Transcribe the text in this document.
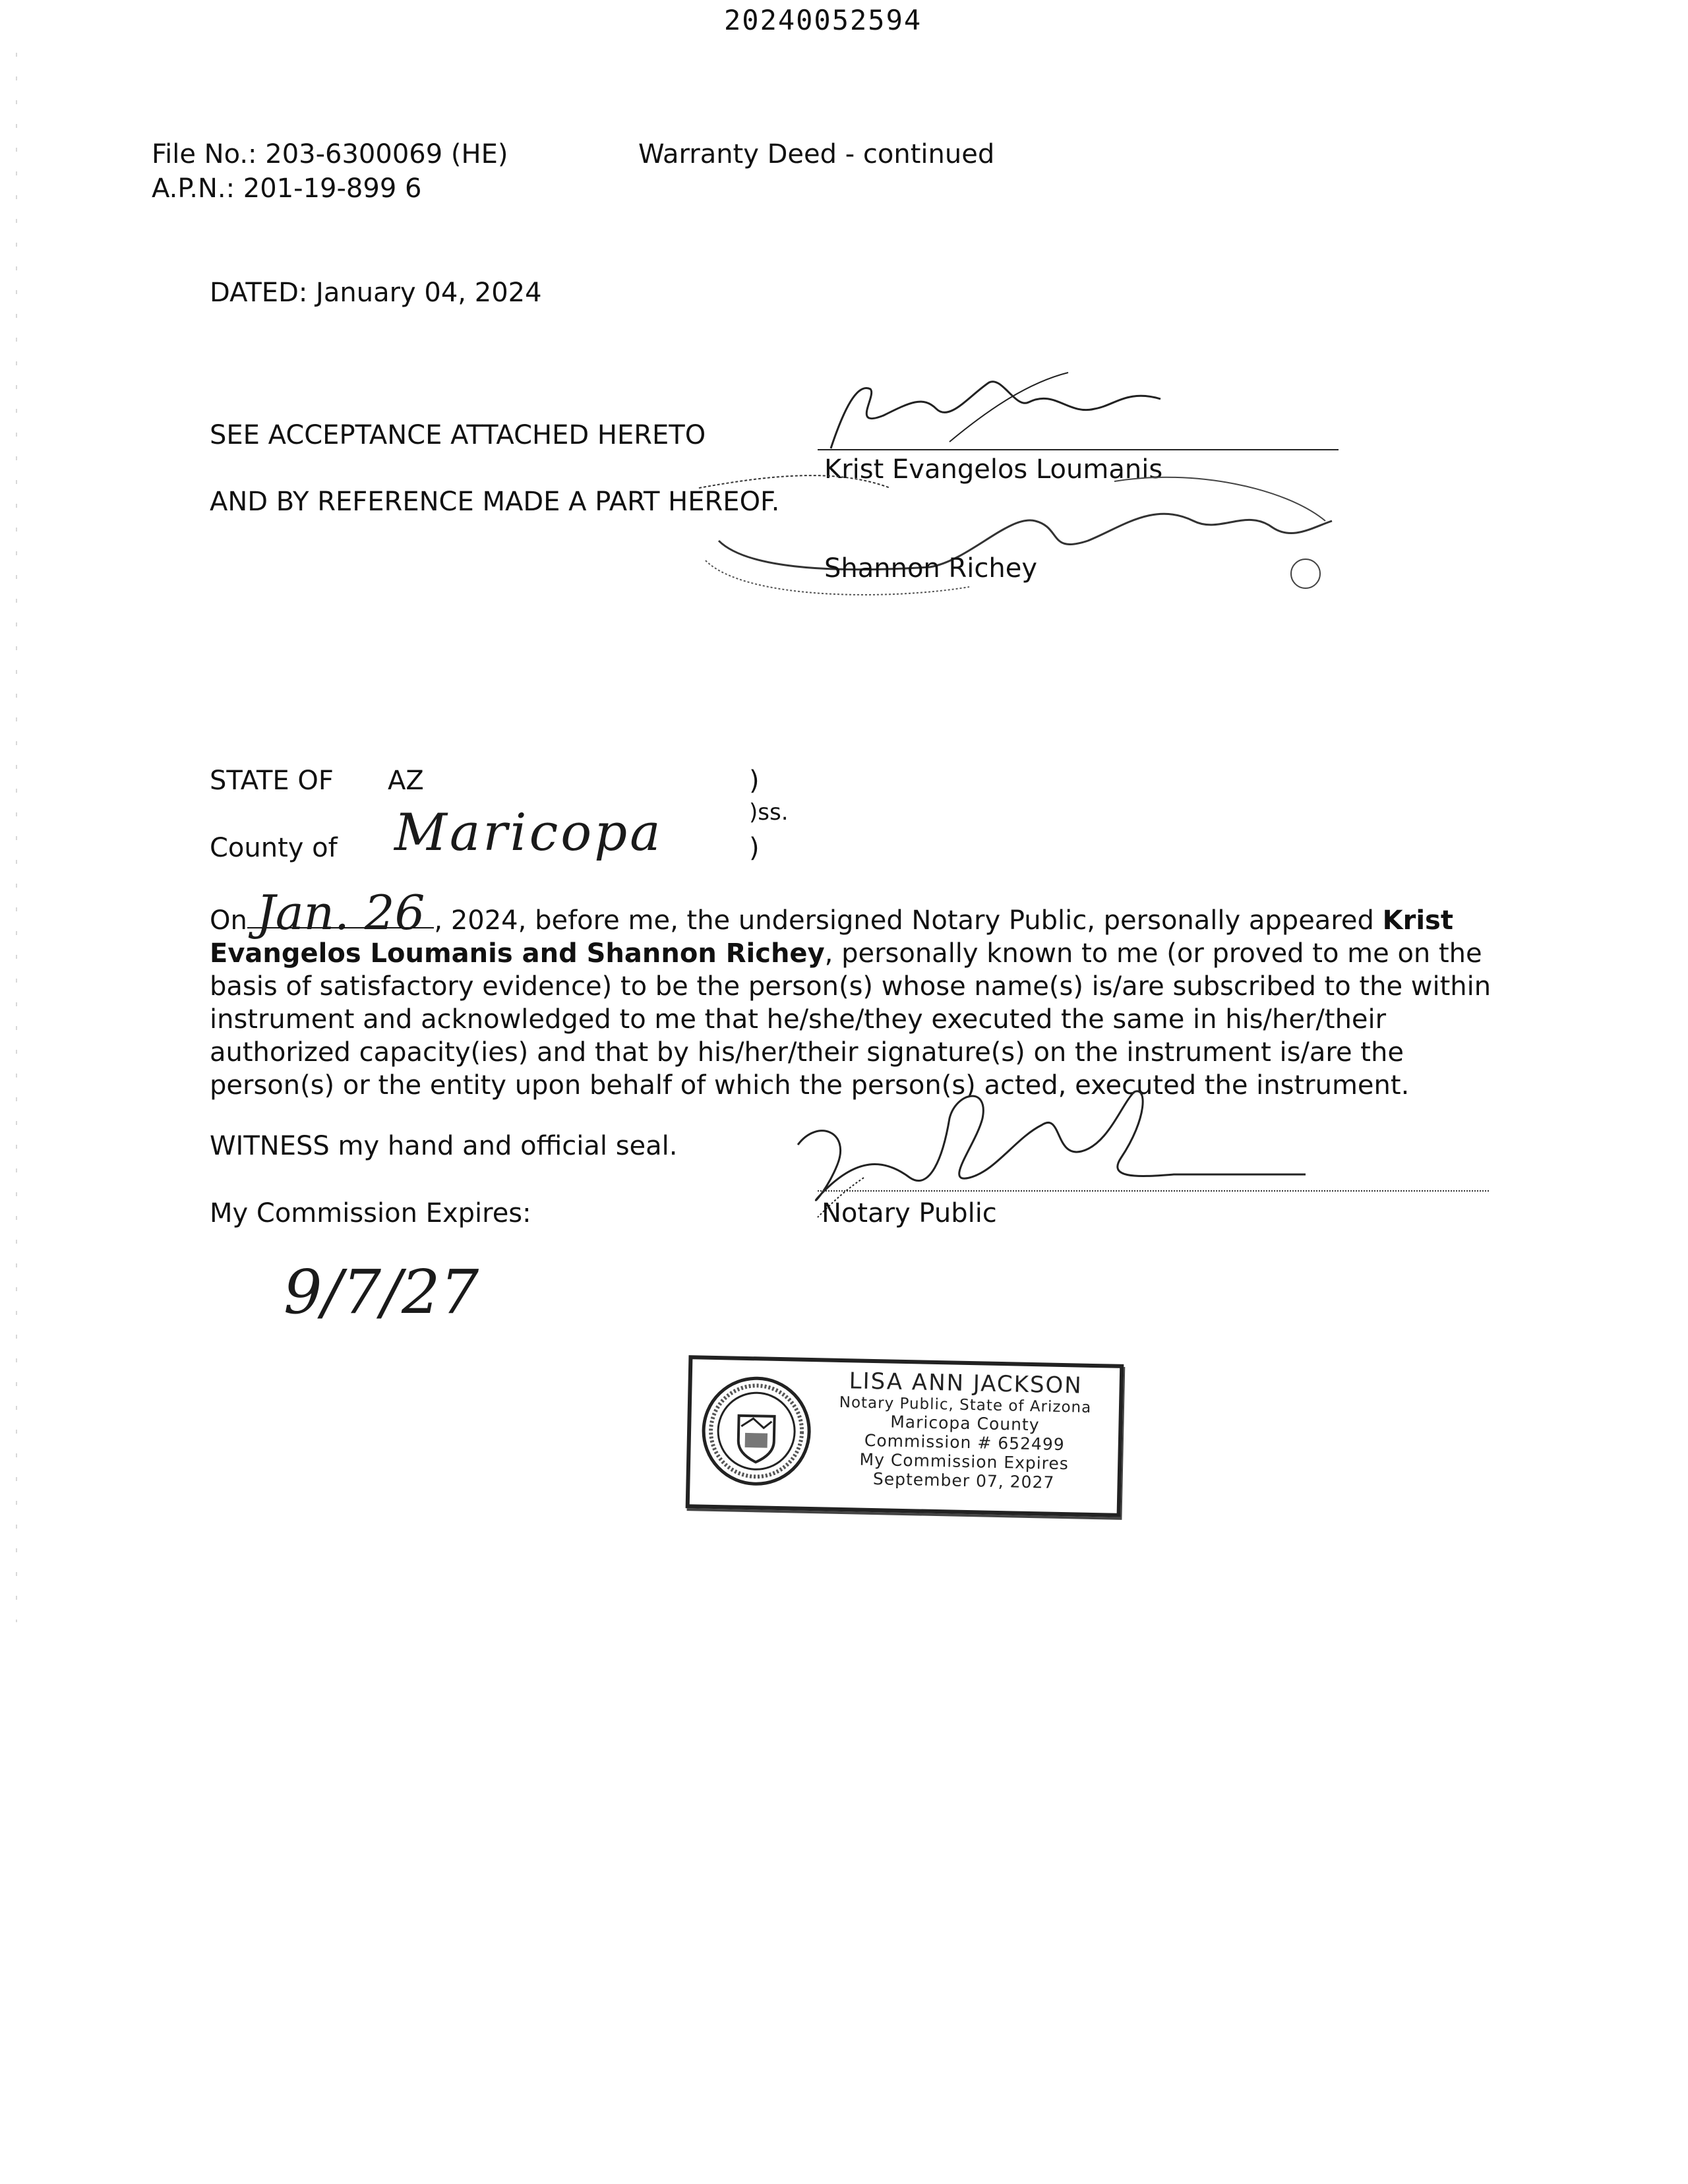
20240052594
File No.: 203-6300069 (HE)
A.P.N.: 201-19-899 6
Warranty Deed - continued
DATED: January 04, 2024
SEE ACCEPTANCE ATTACHED HERETO
AND BY REFERENCE MADE A PART HEREOF.
Krist Evangelos Loumanis
Shannon Richey
STATE OF AZ	)
)ss.
)
County of Maricopa
On Jan. 26 , 2024, before me, the undersigned Notary Public, personally appeared Krist Evangelos Loumanis and Shannon Richey, personally known to me (or proved to me on the basis of satisfactory evidence) to be the person(s) whose name(s) is/are subscribed to the within instrument and acknowledged to me that he/she/they executed the same in his/her/their authorized capacity(ies) and that by his/her/their signature(s) on the instrument is/are the person(s) or the entity upon behalf of which the person(s) acted, executed the instrument.
WITNESS my hand and official seal.
My Commission Expires:
9/7/27
Notary Public
LISA ANN JACKSON
Notary Public, State of Arizona
Maricopa County
Commission # 652499
My Commission Expires
September 07, 2027
